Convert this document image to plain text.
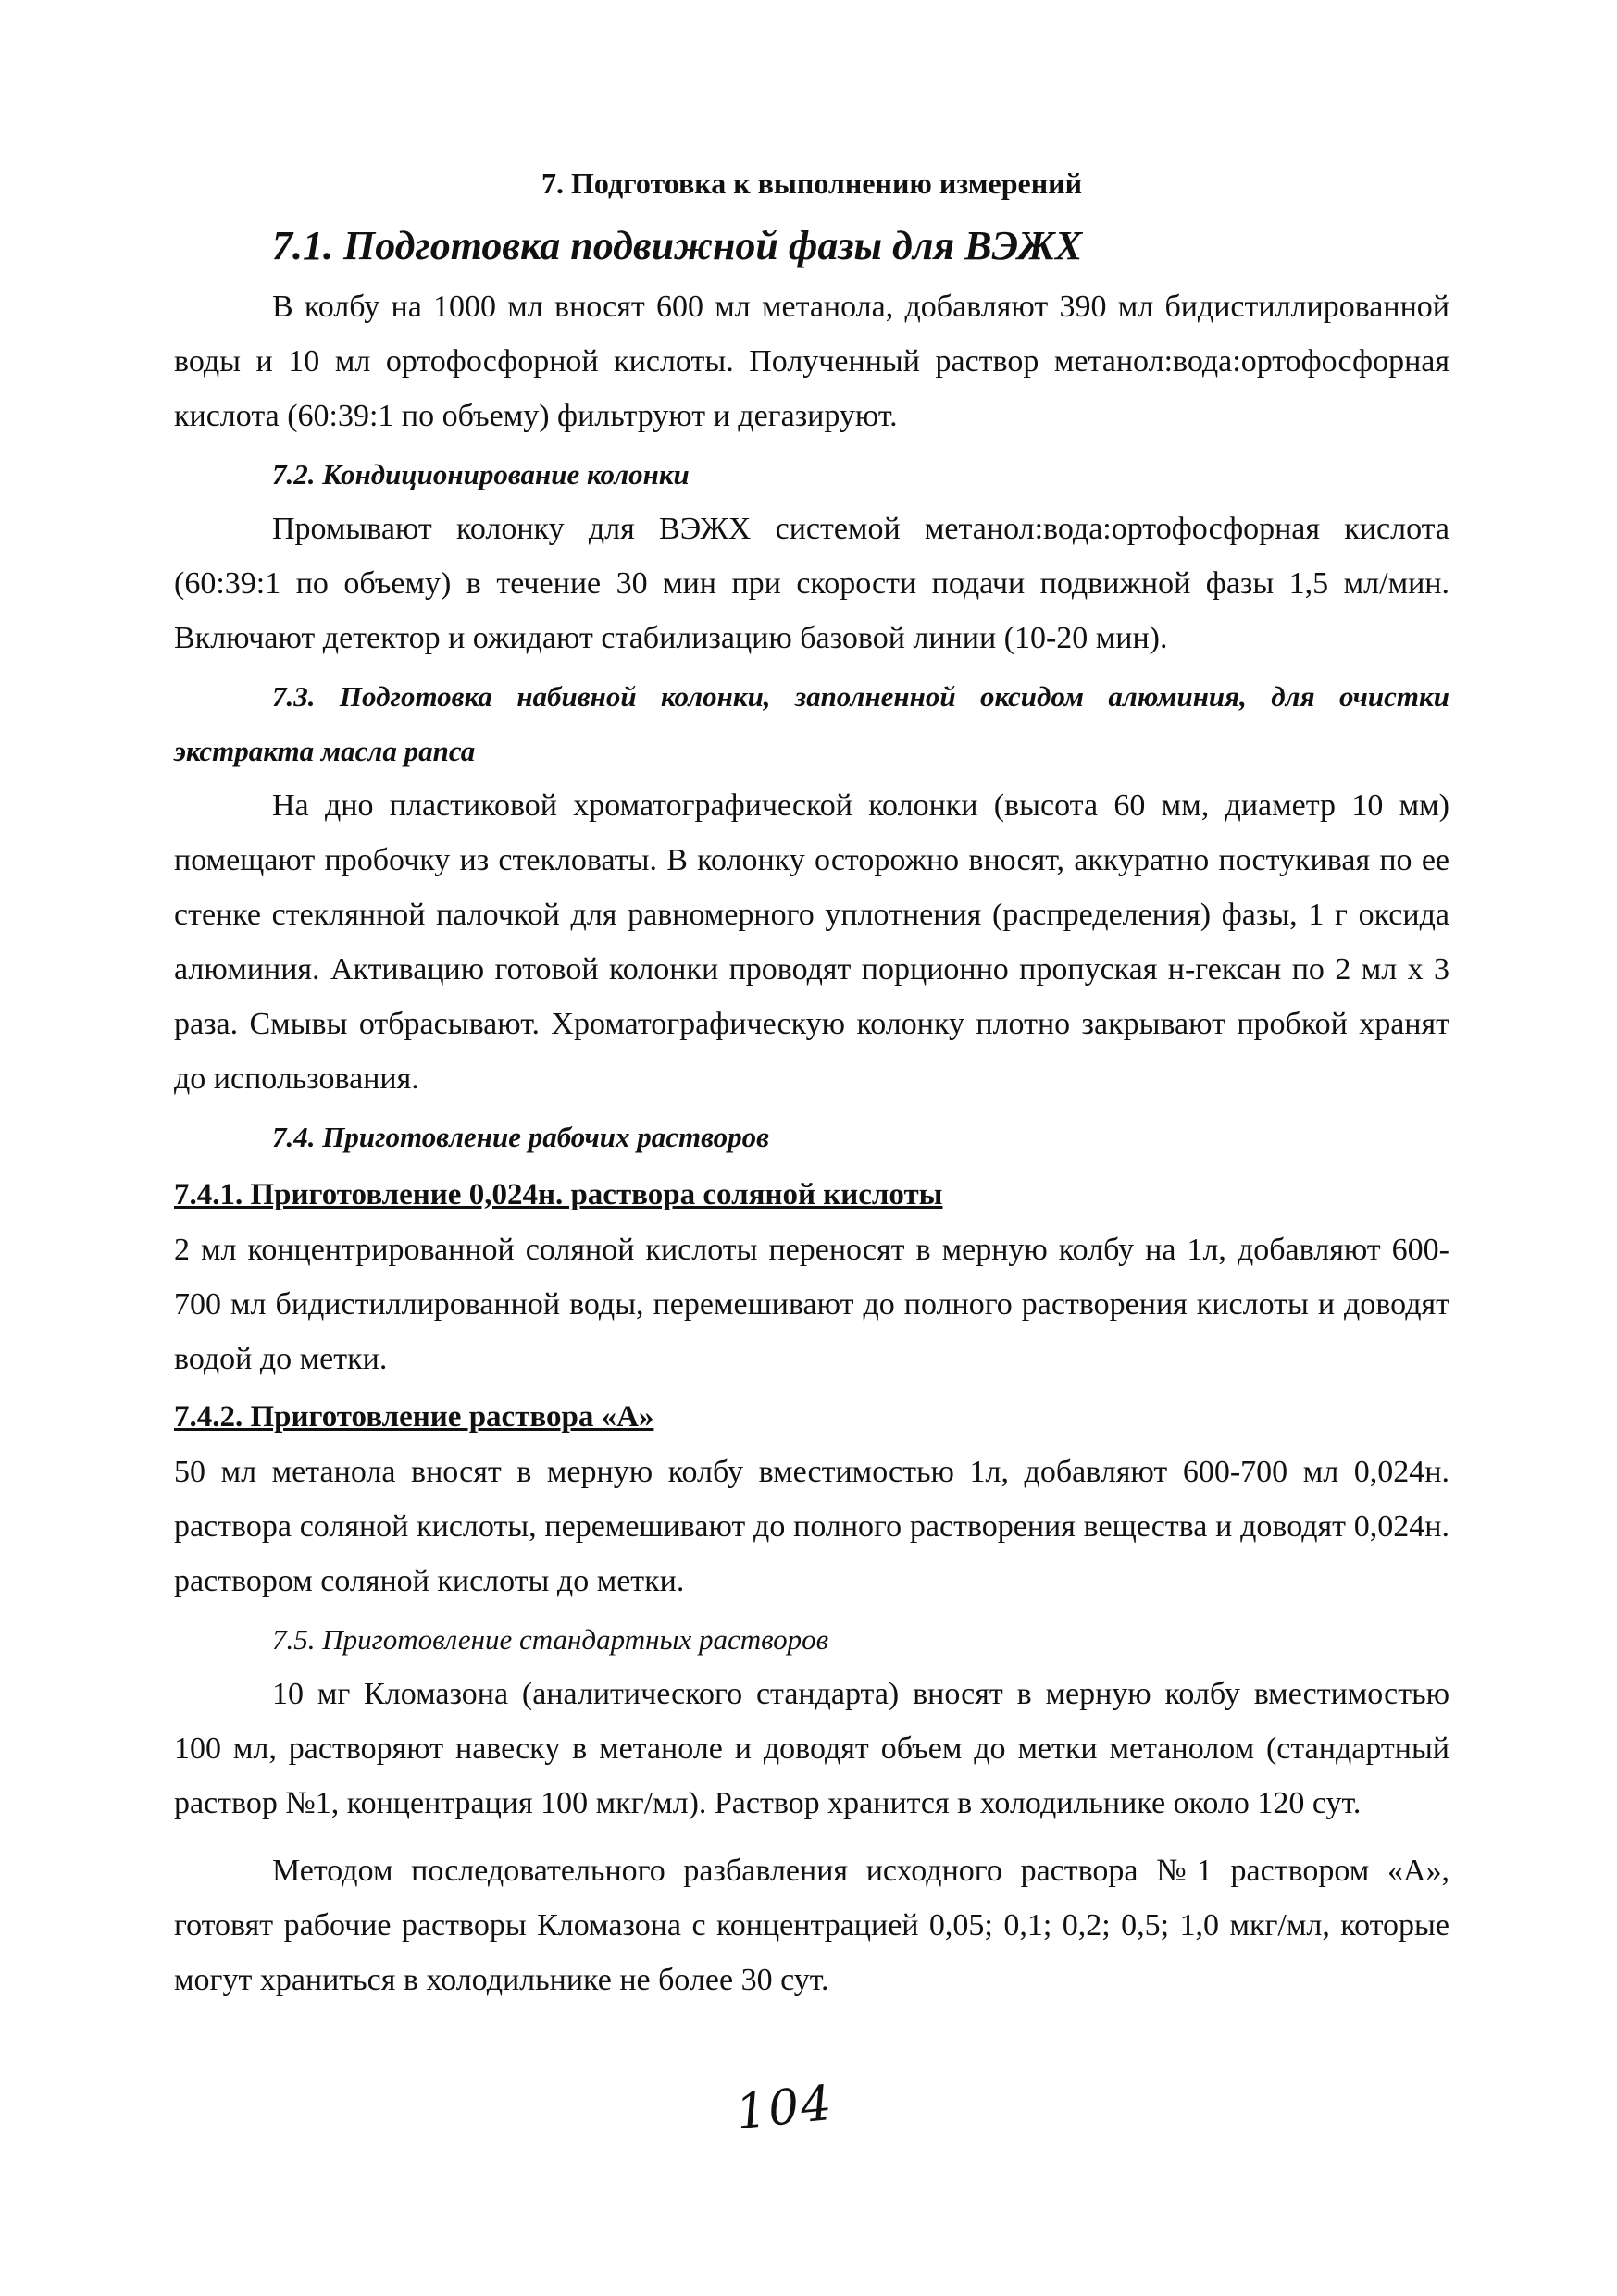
7. Подготовка к выполнению измерений
7.1. Подготовка подвижной фазы для ВЭЖХ

В колбу на 1000 мл вносят 600 мл метанола, добавляют 390 мл бидистиллированной воды и 10 мл ортофосфорной кислоты. Полученный раствор метанол:вода:ортофосфорная кислота (60:39:1 по объему) фильтруют и дегазируют.

7.2. Кондиционирование колонки

Промывают колонку для ВЭЖХ системой метанол:вода:ортофосфорная кислота (60:39:1 по объему) в течение 30 мин при скорости подачи подвижной фазы 1,5 мл/мин. Включают детектор и ожидают стабилизацию базовой линии (10-20 мин).

7.3. Подготовка набивной колонки, заполненной оксидом алюминия, для очистки экстракта масла рапса

На дно пластиковой хроматографической колонки (высота 60 мм, диаметр 10 мм) помещают пробочку из стекловаты. В колонку осторожно вносят, аккуратно постукивая по ее стенке стеклянной палочкой для равномерного уплотнения (распределения) фазы, 1 г оксида алюминия. Активацию готовой колонки проводят порционно пропуская н-гексан по 2 мл х 3 раза. Смывы отбрасывают. Хроматографическую колонку плотно закрывают пробкой хранят до использования.

7.4. Приготовление рабочих растворов
7.4.1. Приготовление 0,024н. раствора соляной кислоты

2 мл концентрированной соляной кислоты переносят в мерную колбу на 1л, добавляют 600-700 мл бидистиллированной воды, перемешивают до полного растворения кислоты и доводят водой до метки.

7.4.2. Приготовление раствора «А»

50 мл метанола вносят в мерную колбу вместимостью 1л, добавляют 600-700 мл 0,024н. раствора соляной кислоты, перемешивают до полного растворения вещества и доводят 0,024н. раствором соляной кислоты до метки.

7.5. Приготовление стандартных растворов

10 мг Кломазона (аналитического стандарта) вносят в мерную колбу вместимостью 100 мл, растворяют навеску в метаноле и доводят объем до метки метанолом (стандартный раствор №1, концентрация 100 мкг/мл). Раствор хранится в холодильнике около 120 сут.

Методом последовательного разбавления исходного раствора №1 раствором «А», готовят рабочие растворы Кломазона с концентрацией 0,05; 0,1; 0,2; 0,5; 1,0 мкг/мл, которые могут храниться в холодильнике не более 30 сут.

104
